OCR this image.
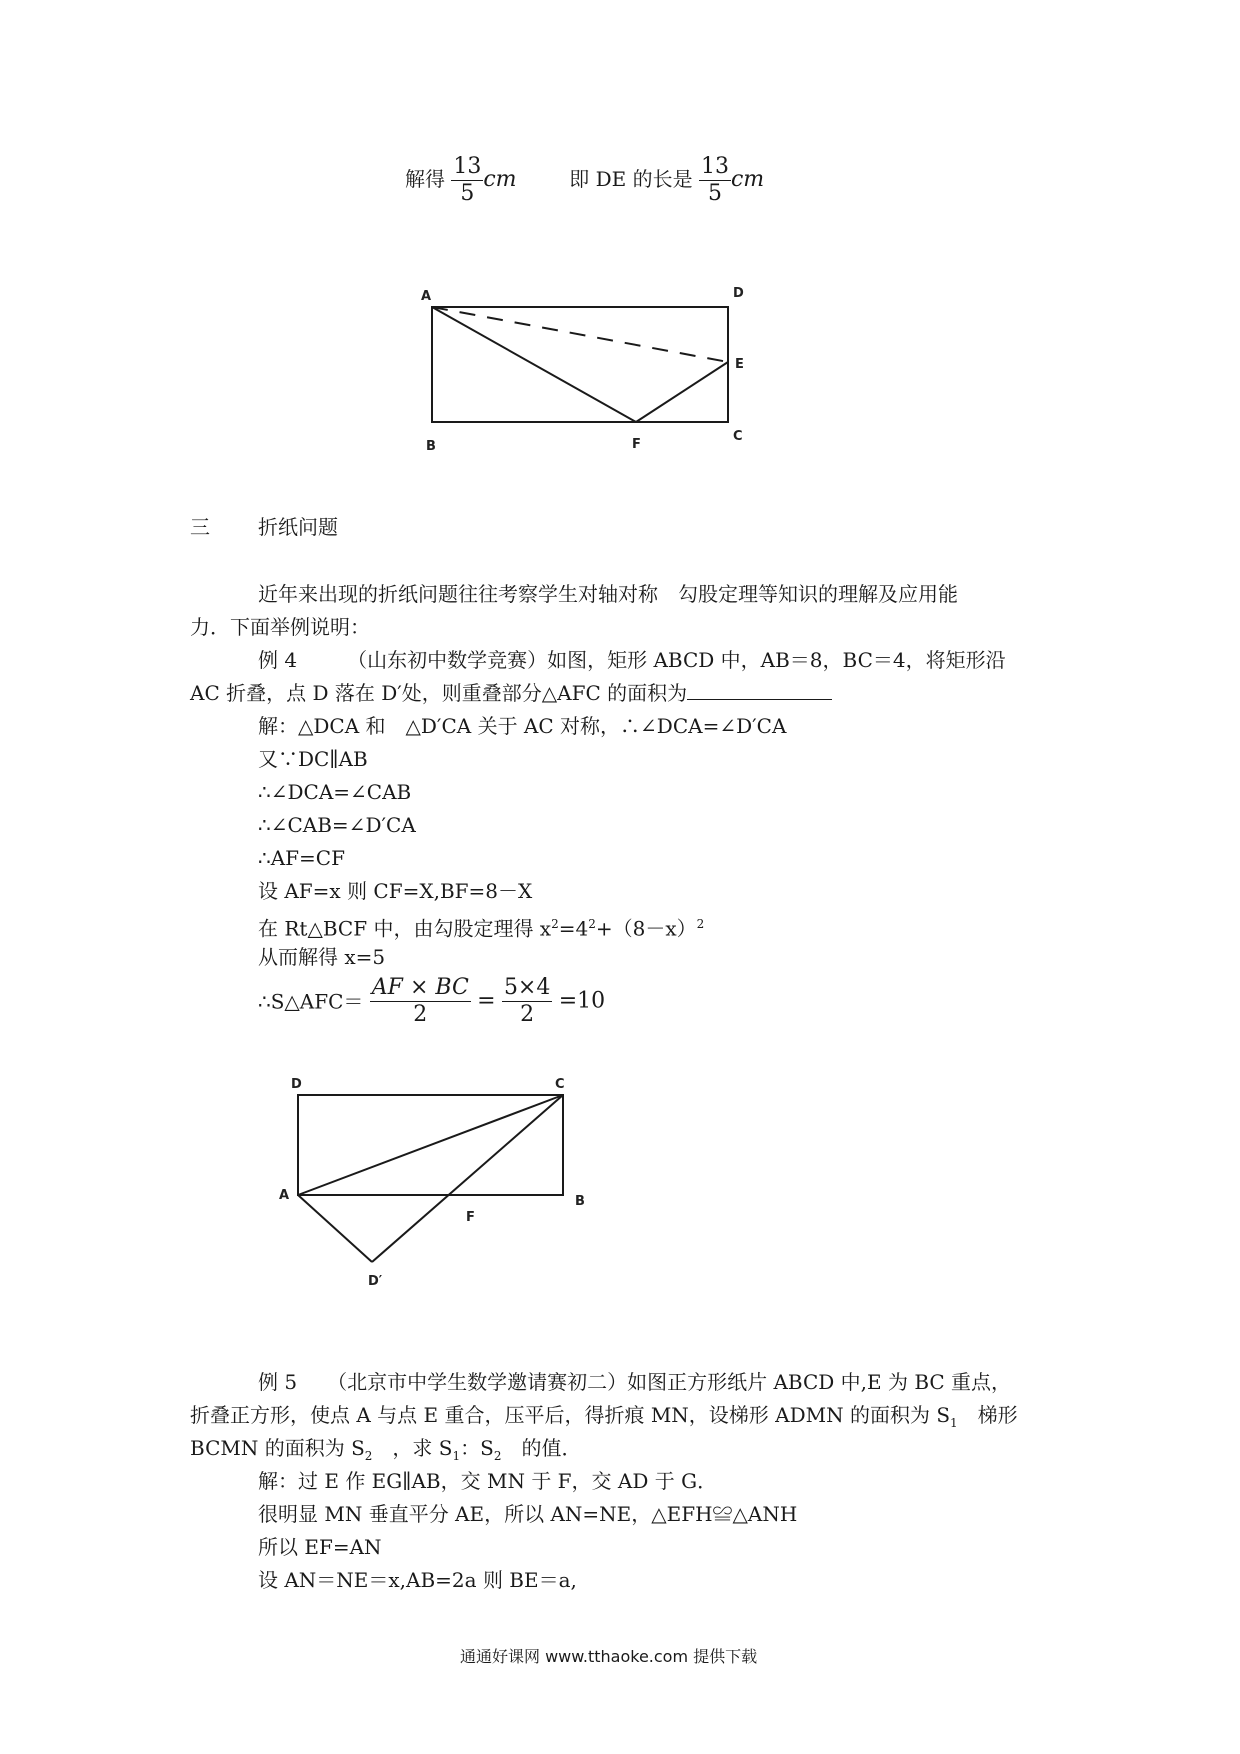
解得 $\frac{13}{5}$ cm	即 DE 的长是 $\frac{13}{5}$ cm
A	D
E
B	F
C
三 折纸问题
近年来出现的折纸问题往往考察学生对轴对称　勾股定理等知识的理解及应用能
力．下面举例说明：
例 4　　　（山东初中数学竞赛）如图，矩形 ABCD 中，AB＝8，BC＝4，将矩形沿
AC 折叠，点 D 落在 D′处，则重叠部分△AFC 的面积为
解：△DCA 和　△D′CA 关于 AC 对称，∴∠DCA=∠D′CA
又∵DC∥AB
∴∠DCA=∠CAB
∴∠CAB=∠D′CA
∴AF=CF
设 AF=x 则 CF=X,BF=8－X
在 Rt△BCF 中，由勾股定理得 $x^2=4^2+(8-x)^2$
从而解得 x=5
∴S△AFC＝ $\frac{AF \times BC}{2} = \frac{5\times 4}{2} =10$
D	C
A	B
F
D′
例 5　　（北京市中学生数学邀请赛初二）如图正方形纸片 ABCD 中,E 为 BC 重点，
折叠正方形，使点 A 与点 E 重合，压平后，得折痕 MN，设梯形 ADMN 的面积为 $S_1$　梯形
BCMN 的面积为 $S_2$　，求 $S_1$：$S_2$　的值．
解：过 E 作 EG∥AB，交 MN 于 F，交 AD 于 G．
很明显 MN 垂直平分 AE，所以 AN=NE，△EFH≌△ANH
所以 EF=AN
设 AN＝NE＝x,AB=2a 则 BE＝a,
通通好课网 www.tthaoke.com 提供下载
